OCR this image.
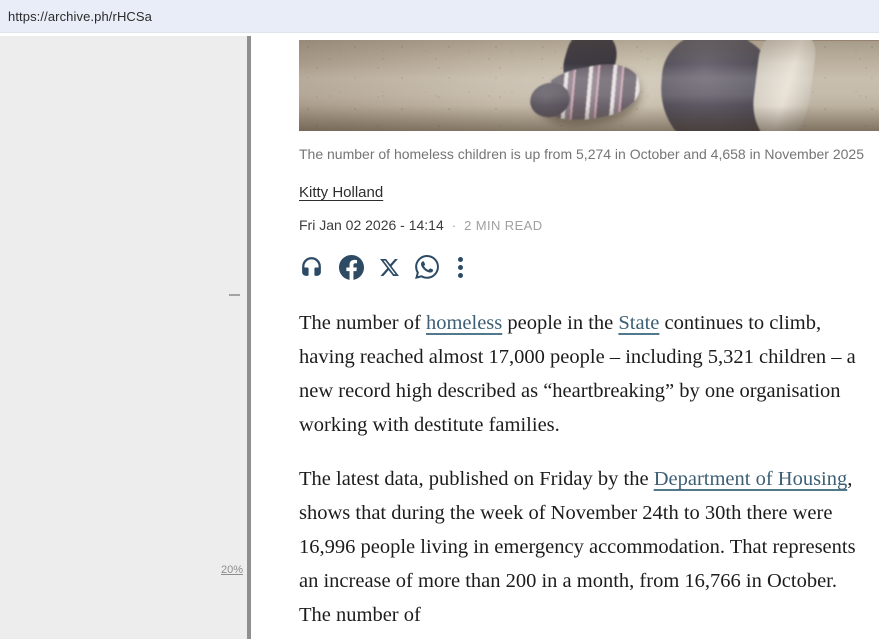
https://archive.ph/rHCSa
20%
The number of homeless children is up from 5,274 in October and 4,658 in November 2025
Kitty Holland
Fri Jan 02 2026 - 14:14 · 2 MIN READ

The number of homeless people in the State continues to climb, having reached almost 17,000 people – including 5,321 children – a new record high described as “heartbreaking” by one organisation working with destitute families.

The latest data, published on Friday by the Department of Housing, shows that during the week of November 24th to 30th there were 16,996 people living in emergency accommodation. That represents an increase of more than 200 in a month, from 16,766 in October. The number of
